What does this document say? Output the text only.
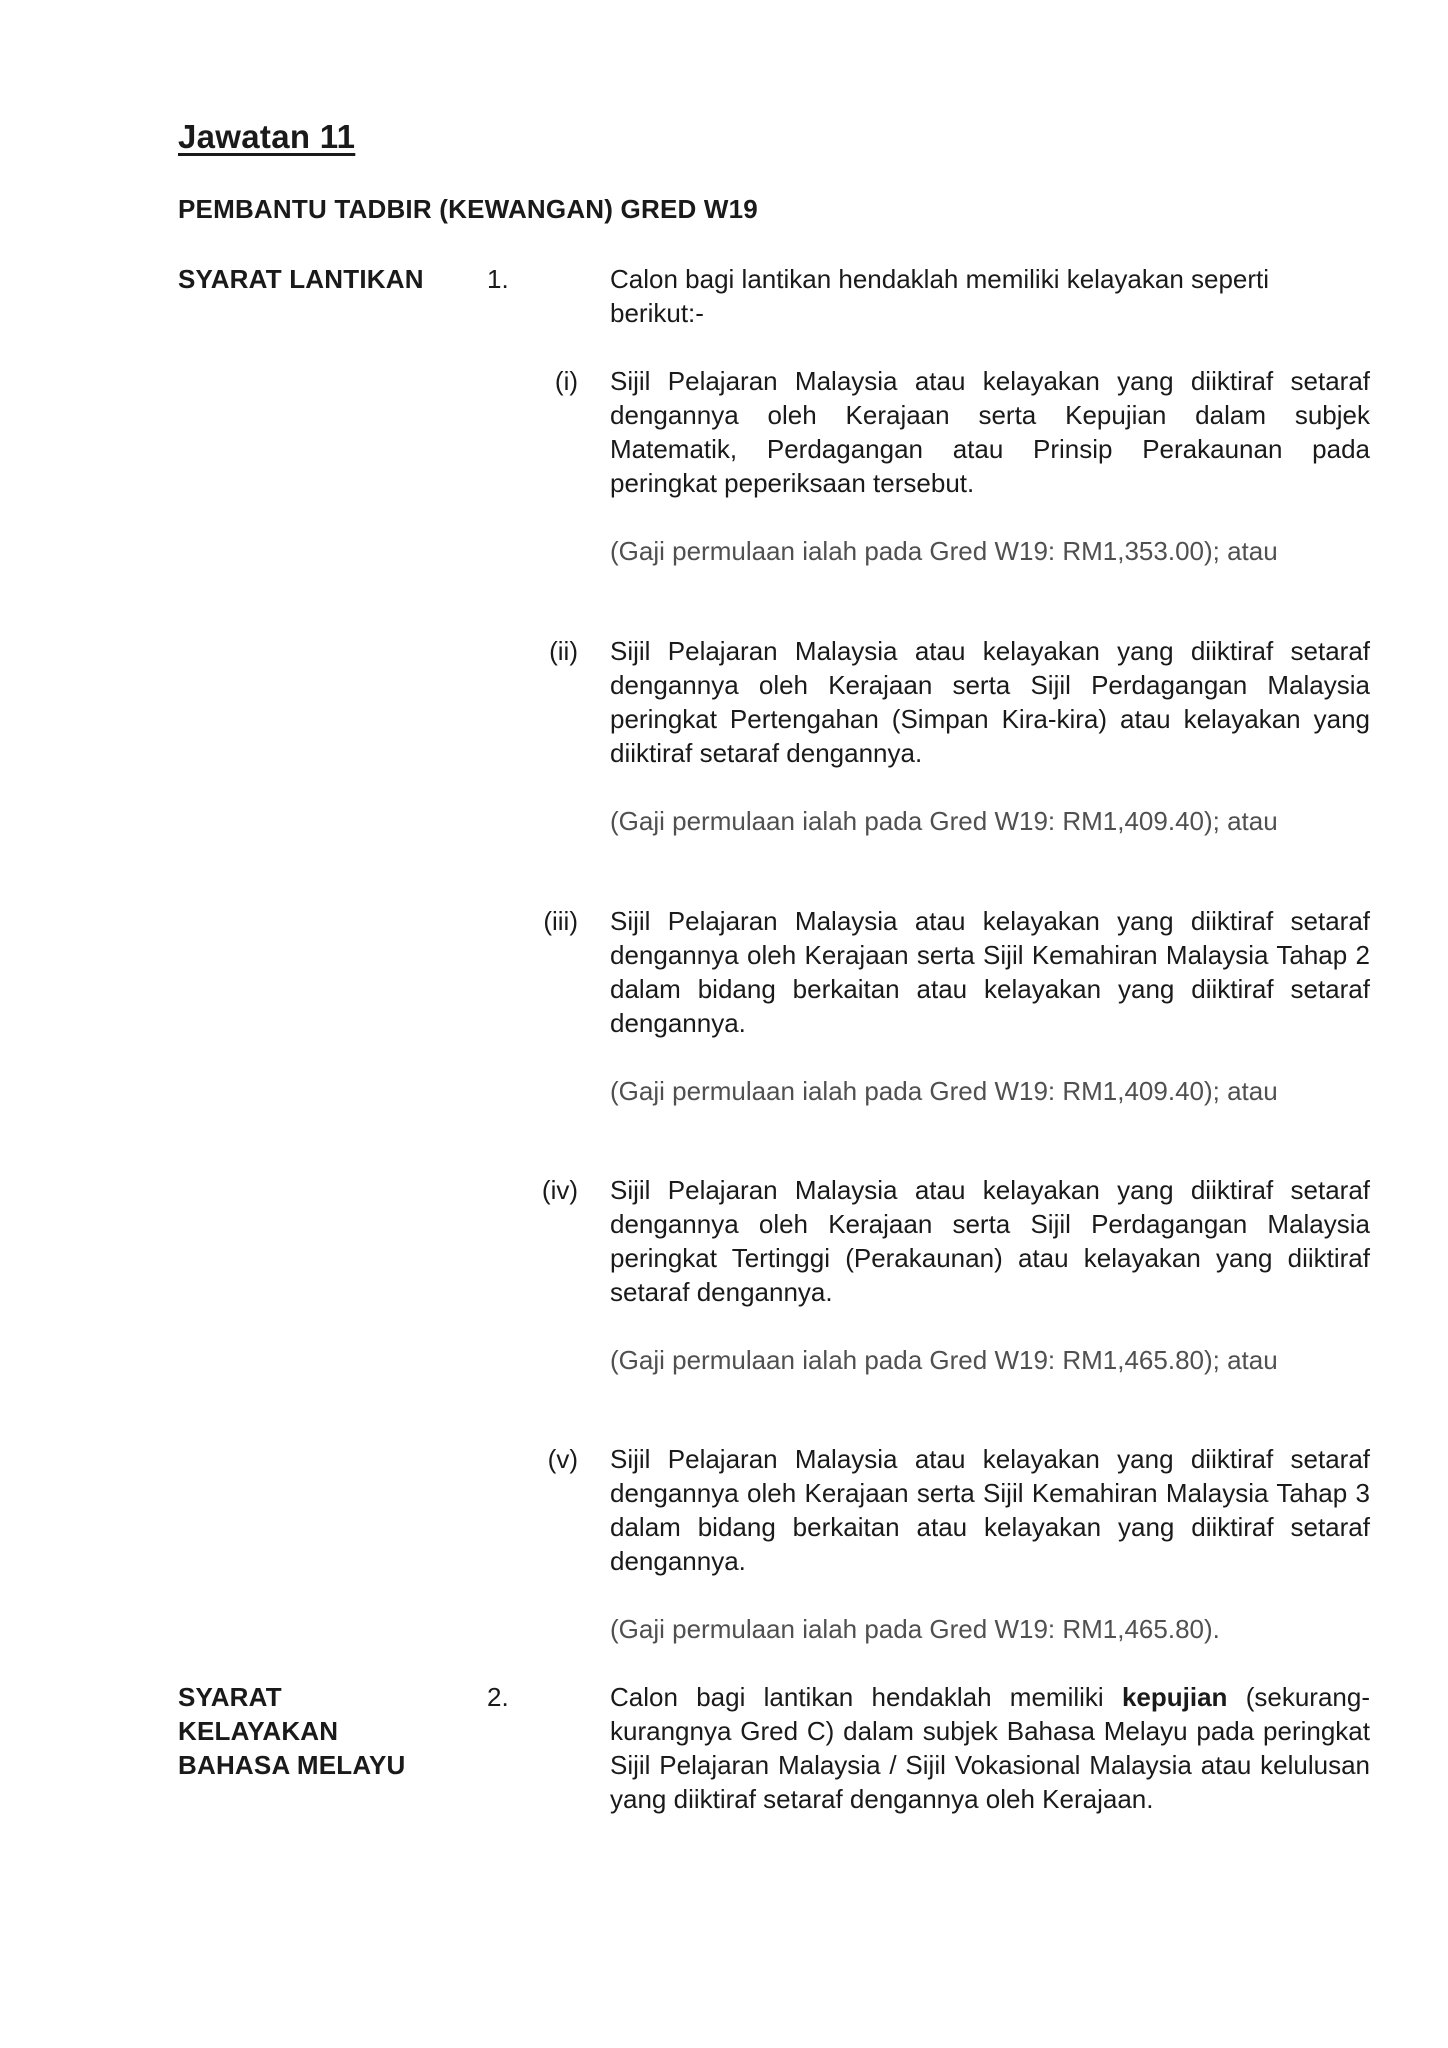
Jawatan 11
PEMBANTU TADBIR (KEWANGAN) GRED W19
SYARAT LANTIKAN 1.	Calon bagi lantikan hendaklah memiliki kelayakan seperti berikut:-
(i) Sijil Pelajaran Malaysia atau kelayakan yang diiktiraf setaraf dengannya oleh Kerajaan serta Kepujian dalam subjek Matematik, Perdagangan atau Prinsip Perakaunan pada peringkat peperiksaan tersebut.
(Gaji permulaan ialah pada Gred W19: RM1,353.00); atau
(ii) Sijil Pelajaran Malaysia atau kelayakan yang diiktiraf setaraf dengannya oleh Kerajaan serta Sijil Perdagangan Malaysia peringkat Pertengahan (Simpan Kira-kira) atau kelayakan yang diiktiraf setaraf dengannya.
(Gaji permulaan ialah pada Gred W19: RM1,409.40); atau
(iii) Sijil Pelajaran Malaysia atau kelayakan yang diiktiraf setaraf dengannya oleh Kerajaan serta Sijil Kemahiran Malaysia Tahap 2 dalam bidang berkaitan atau kelayakan yang diiktiraf setaraf dengannya.
(Gaji permulaan ialah pada Gred W19: RM1,409.40); atau
(iv) Sijil Pelajaran Malaysia atau kelayakan yang diiktiraf setaraf dengannya oleh Kerajaan serta Sijil Perdagangan Malaysia peringkat Tertinggi (Perakaunan) atau kelayakan yang diiktiraf setaraf dengannya.
(Gaji permulaan ialah pada Gred W19: RM1,465.80); atau
(v) Sijil Pelajaran Malaysia atau kelayakan yang diiktiraf setaraf dengannya oleh Kerajaan serta Sijil Kemahiran Malaysia Tahap 3 dalam bidang berkaitan atau kelayakan yang diiktiraf setaraf dengannya.
(Gaji permulaan ialah pada Gred W19: RM1,465.80).
SYARAT
KELAYAKAN
BAHASA MELAYU
2.	Calon bagi lantikan hendaklah memiliki kepujian (sekurang-kurangnya Gred C) dalam subjek Bahasa Melayu pada peringkat Sijil Pelajaran Malaysia / Sijil Vokasional Malaysia atau kelulusan yang diiktiraf setaraf dengannya oleh Kerajaan.
